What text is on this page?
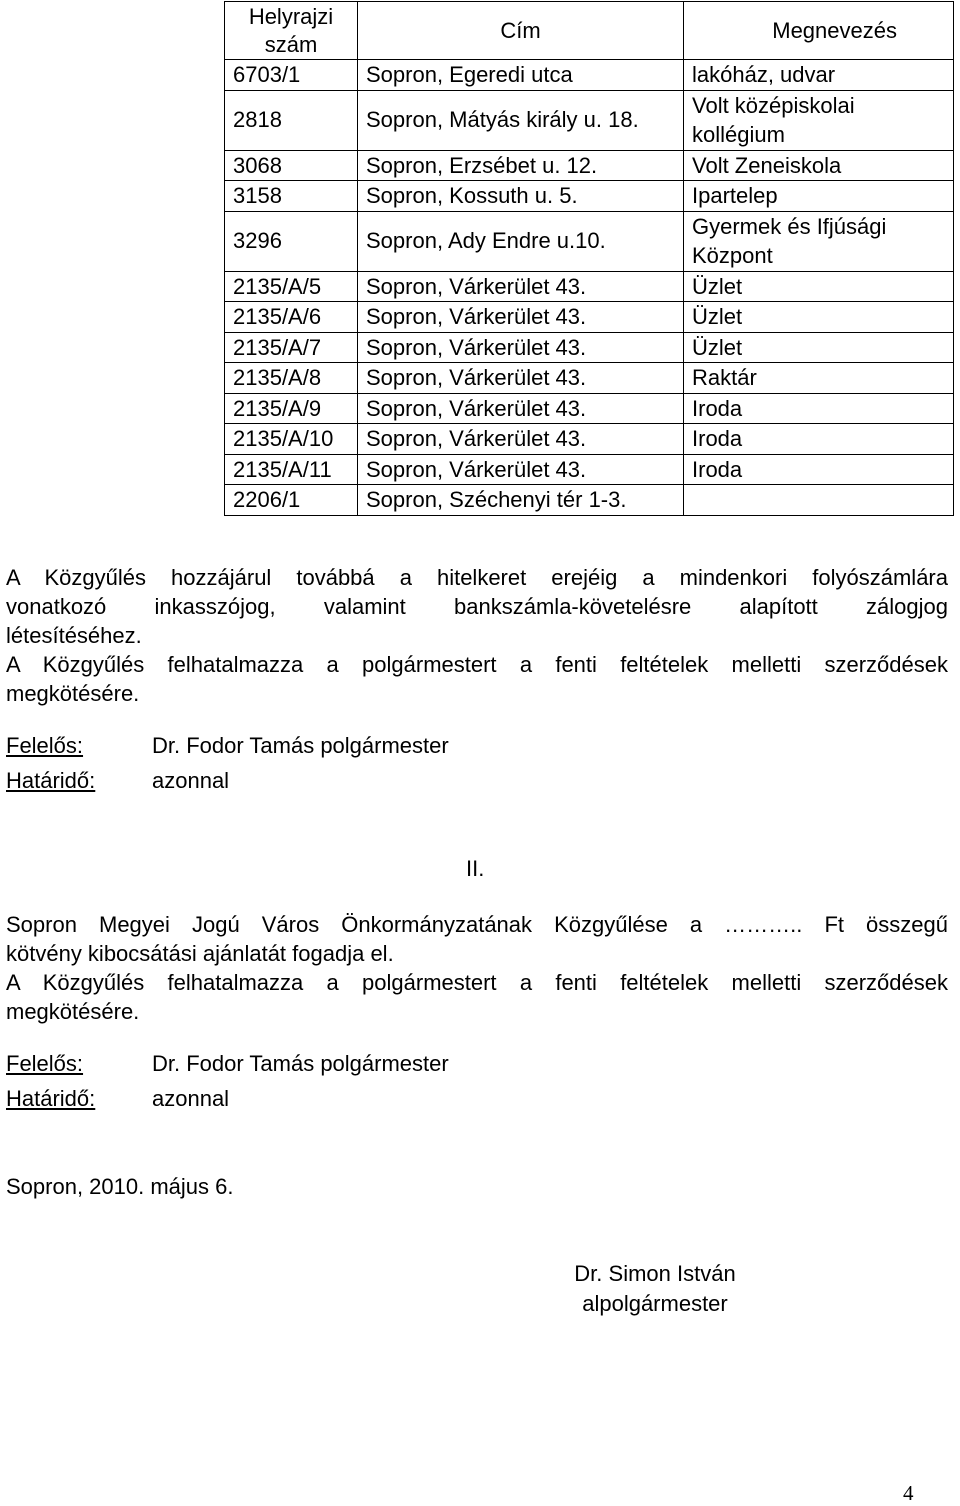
Helyrajzi szám	Cím	Megnevezés
6703/1	Sopron, Egeredi utca	lakóház, udvar
2818	Sopron, Mátyás király u. 18.	Volt középiskolai kollégium
3068	Sopron, Erzsébet u. 12.	Volt Zeneiskola
3158	Sopron, Kossuth u. 5.	Ipartelep
3296	Sopron, Ady Endre u.10.	Gyermek és Ifjúsági Központ
2135/A/5	Sopron, Várkerület 43.	Üzlet
2135/A/6	Sopron, Várkerület 43.	Üzlet
2135/A/7	Sopron, Várkerület 43.	Üzlet
2135/A/8	Sopron, Várkerület 43.	Raktár
2135/A/9	Sopron, Várkerület 43.	Iroda
2135/A/10	Sopron, Várkerület 43.	Iroda
2135/A/11	Sopron, Várkerület 43.	Iroda
2206/1	Sopron, Széchenyi tér 1-3.	
A Közgyűlés hozzájárul továbbá a hitelkeret erejéig a mindenkori folyószámlára
vonatkozó inkasszójog, valamint bankszámla-követelésre alapított zálogjog
létesítéséhez.
A Közgyűlés felhatalmazza a polgármestert a fenti feltételek melletti szerződések
megkötésére.
Felelős:	Dr. Fodor Tamás polgármester
Határidő:	azonnal
II.
Sopron Megyei Jogú Város Önkormányzatának Közgyűlése a ……….. Ft összegű
kötvény kibocsátási ajánlatát fogadja el.
A Közgyűlés felhatalmazza a polgármestert a fenti feltételek melletti szerződések
megkötésére.
Felelős:	Dr. Fodor Tamás polgármester
Határidő:	azonnal
Sopron, 2010. május 6.
Dr. Simon István
alpolgármester
4
